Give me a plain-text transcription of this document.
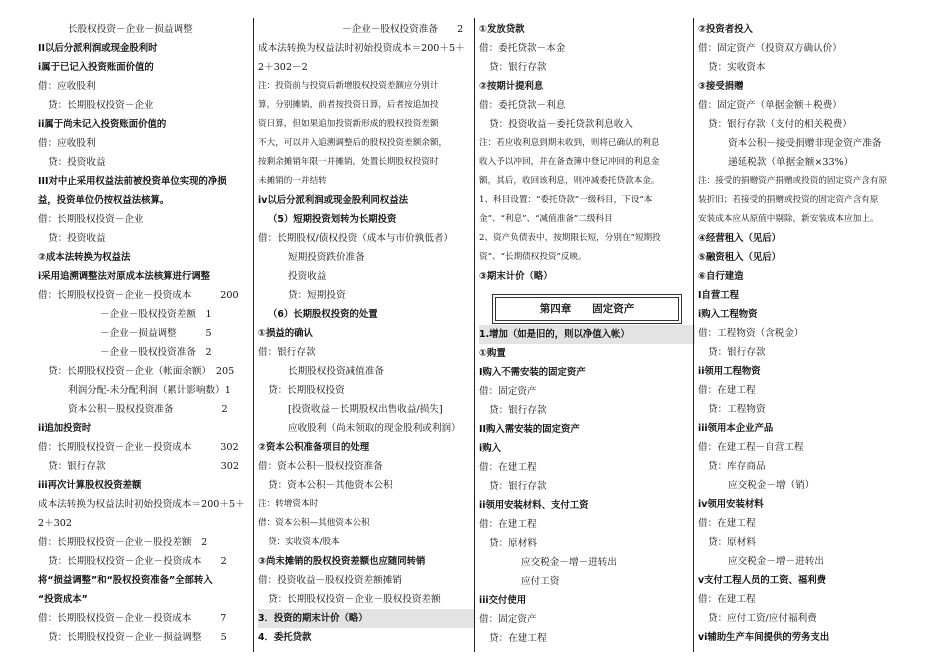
长股权投资－企业－损益调整
II以后分派利润或现金股利时
i属于已记入投资账面价值的
借：应收股利
贷：长期股权投资－企业
ii属于尚未记入投资账面价值的
借：应收股利
贷：投资收益
III对中止采用权益法前被投资单位实现的净损
益，投资单位仍按权益法核算。
借：长期股权投资－企业
贷：投资收益
②成本法转换为权益法
i采用追溯调整法对原成本法核算进行调整
借：长期股权投资－企业－投资成本　　　200
－企业－股权投资差额　1
－企业－损益调整　　　5
－企业－股权投资准备　2
贷：长期股权投资－企业（帐面余额）　205
利润分配-未分配利润（累计影响数）1
资本公积－股权投资准备　　　　　2
ii追加投资时
借：长期股权投资－企业－投资成本　　　302
贷：银行存款　　　　　　　　　　　　302
iii再次计算股权投资差额
成本法转换为权益法时初始投资成本＝200＋5＋
2＋302
借：长期股权投资－企业－股投差额　2
贷：长期股权投资－企业－投资成本　　2
将“损益调整”和“股权投资准备”全部转入
“投资成本”
借：长期股权投资－企业－投资成本　　　7
贷：长期股权投资－企业－损益调整　　5
－企业－股权投资准备　　2
成本法转换为权益法时初始投资成本＝200＋5＋
2＋302－2
注：投资前与投资后新增股权投资差额应分别计
算，分别摊销，前者按投资日算，后者按追加投
资日算，但如果追加投资新形成的股权投资差额
不大，可以并入追溯调整后的股权投资差额余额，
按剩余摊销年限一并摊销，处置长期股权投资时
未摊销的一并结转
iv以后分派利润或现金股利同权益法
（5）短期投资划转为长期投资
借：长期股权/债权投资（成本与市价孰低者）
短期投资跌价准备
投资收益
贷：短期投资
（6）长期股权投资的处置
①损益的确认
借：银行存款
长期股权投资减值准备
贷：长期股权投资
[投资收益－长期股权出售收益/损失]
应收股利（尚未领取的现金股利或利润）
②资本公积准备项目的处理
借：资本公积－股权投资准备
贷：资本公积－其他资本公积
注：转增资本时
借：资本公积—其他资本公积
贷：实收资本/股本
③尚未摊销的股权投资差额也应随同转销
借：投资收益－股权投资差额摊销
贷：长期股权投资－企业－股权投资差额
3．投资的期末计价（略）
4．委托贷款
①发放贷款
借：委托贷款－本金
贷：银行存款
②按期计提利息
借：委托贷款－利息
贷：投资收益－委托贷款利息收入
注：若应收利息到期未收到，则将已确认的利息
收入予以冲回，并在备查簿中登记冲回的利息金
额，其后，收回该利息，则冲减委托贷款本金。
1、科目设置：“委托贷款”一级科目，下设“本
金”、“利息”、“减值准备”二级科目
2、资产负债表中，按期限长短，分别在“短期投
资”、“长期债权投资”反映。
③期末计价（略）
第四章　　固定资产
1.增加（如是旧的，则以净值入帐）
①购置
I购入不需安装的固定资产
借：固定资产
贷：银行存款
II购入需安装的固定资产
i购入
借：在建工程
贷：银行存款
ii领用安装材料、支付工资
借：在建工程
贷：原材料
应交税金－增－进转出
应付工资
iii交付使用
借：固定资产
贷：在建工程
②投资者投入
借：固定资产（投资双方确认价）
贷：实收资本
③接受捐赠
借：固定资产（单据金额＋税费）
贷：银行存款（支付的相关税费）
资本公积－接受捐赠非现金资产准备
递延税款（单据金额×33%）
注：接受的捐赠资产捐赠或投资的固定资产含有原
装折旧；若接受的捐赠或投资的固定资产含有原
安装成本应从原值中剔除，新安装成本应加上。
④经营租入（见后）
⑤融资租入（见后）
⑥自行建造
I自营工程
i购入工程物资
借：工程物资（含税金）
贷：银行存款
ii领用工程物资
借：在建工程
贷：工程物资
iii领用本企业产品
借：在建工程－自营工程
贷：库存商品
应交税金－增（销）
iv领用安装材料
借：在建工程
贷：原材料
应交税金－增－进转出
v支付工程人员的工资、福利费
借：在建工程
贷：应付工资/应付福利费
vi辅助生产车间提供的劳务支出
